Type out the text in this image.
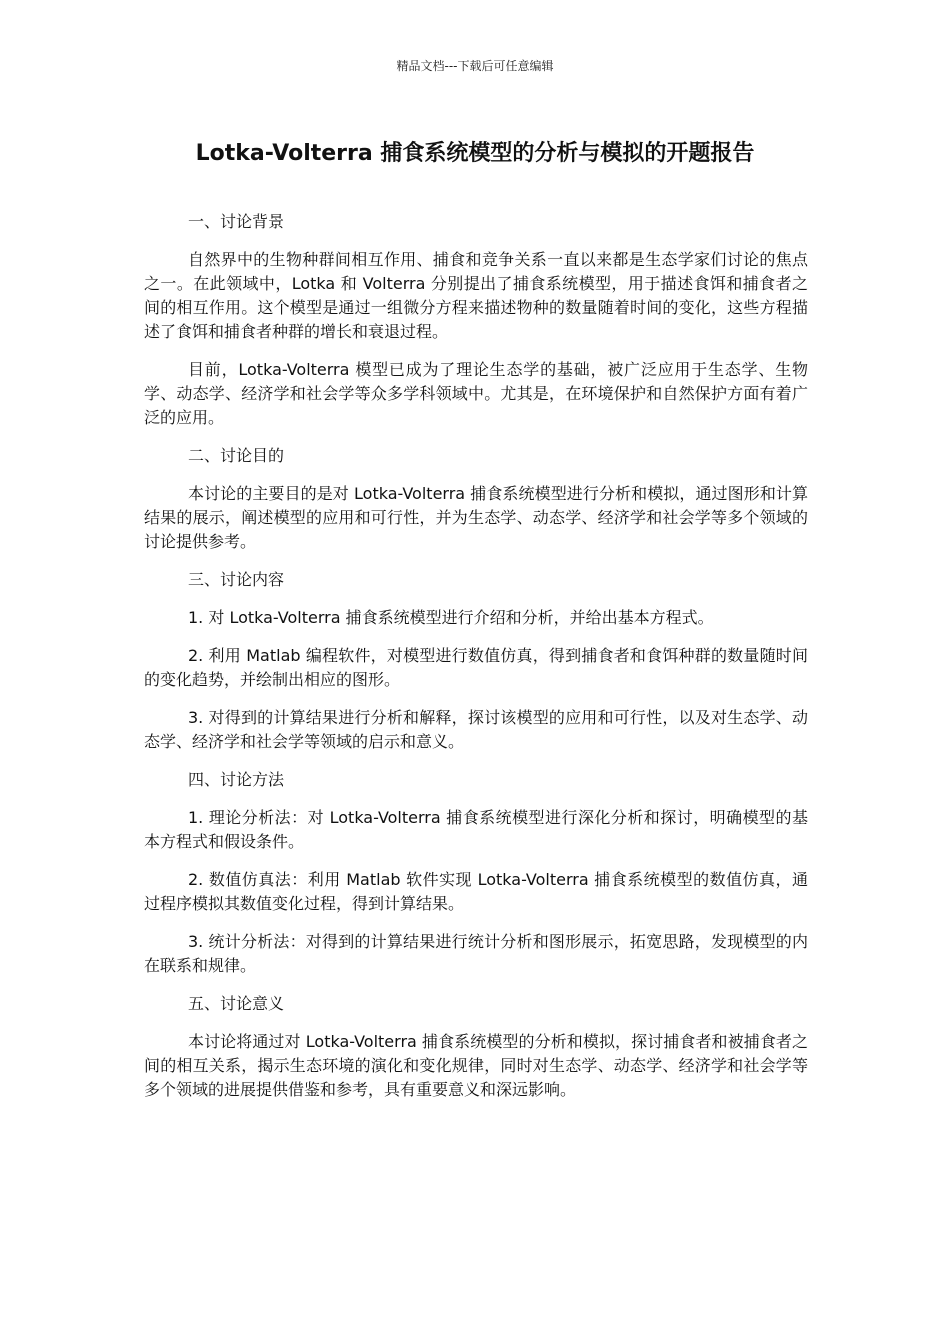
精品文档---下载后可任意编辑
Lotka-Volterra 捕食系统模型的分析与模拟的开题报告

一、讨论背景

自然界中的生物种群间相互作用、捕食和竞争关系一直以来都是生态学家们讨论的焦点之一。在此领域中，Lotka 和 Volterra 分别提出了捕食系统模型，用于描述食饵和捕食者之间的相互作用。这个模型是通过一组微分方程来描述物种的数量随着时间的变化，这些方程描述了食饵和捕食者种群的增长和衰退过程。

目前，Lotka-Volterra 模型已成为了理论生态学的基础，被广泛应用于生态学、生物学、动态学、经济学和社会学等众多学科领域中。尤其是，在环境保护和自然保护方面有着广泛的应用。

二、讨论目的

本讨论的主要目的是对 Lotka-Volterra 捕食系统模型进行分析和模拟，通过图形和计算结果的展示，阐述模型的应用和可行性，并为生态学、动态学、经济学和社会学等多个领域的讨论提供参考。

三、讨论内容

1. 对 Lotka-Volterra 捕食系统模型进行介绍和分析，并给出基本方程式。

2. 利用 Matlab 编程软件，对模型进行数值仿真，得到捕食者和食饵种群的数量随时间的变化趋势，并绘制出相应的图形。

3. 对得到的计算结果进行分析和解释，探讨该模型的应用和可行性，以及对生态学、动态学、经济学和社会学等领域的启示和意义。

四、讨论方法

1. 理论分析法：对 Lotka-Volterra 捕食系统模型进行深化分析和探讨，明确模型的基本方程式和假设条件。

2. 数值仿真法：利用 Matlab 软件实现 Lotka-Volterra 捕食系统模型的数值仿真，通过程序模拟其数值变化过程，得到计算结果。

3. 统计分析法：对得到的计算结果进行统计分析和图形展示，拓宽思路，发现模型的内在联系和规律。

五、讨论意义

本讨论将通过对 Lotka-Volterra 捕食系统模型的分析和模拟，探讨捕食者和被捕食者之间的相互关系，揭示生态环境的演化和变化规律，同时对生态学、动态学、经济学和社会学等多个领域的进展提供借鉴和参考，具有重要意义和深远影响。
